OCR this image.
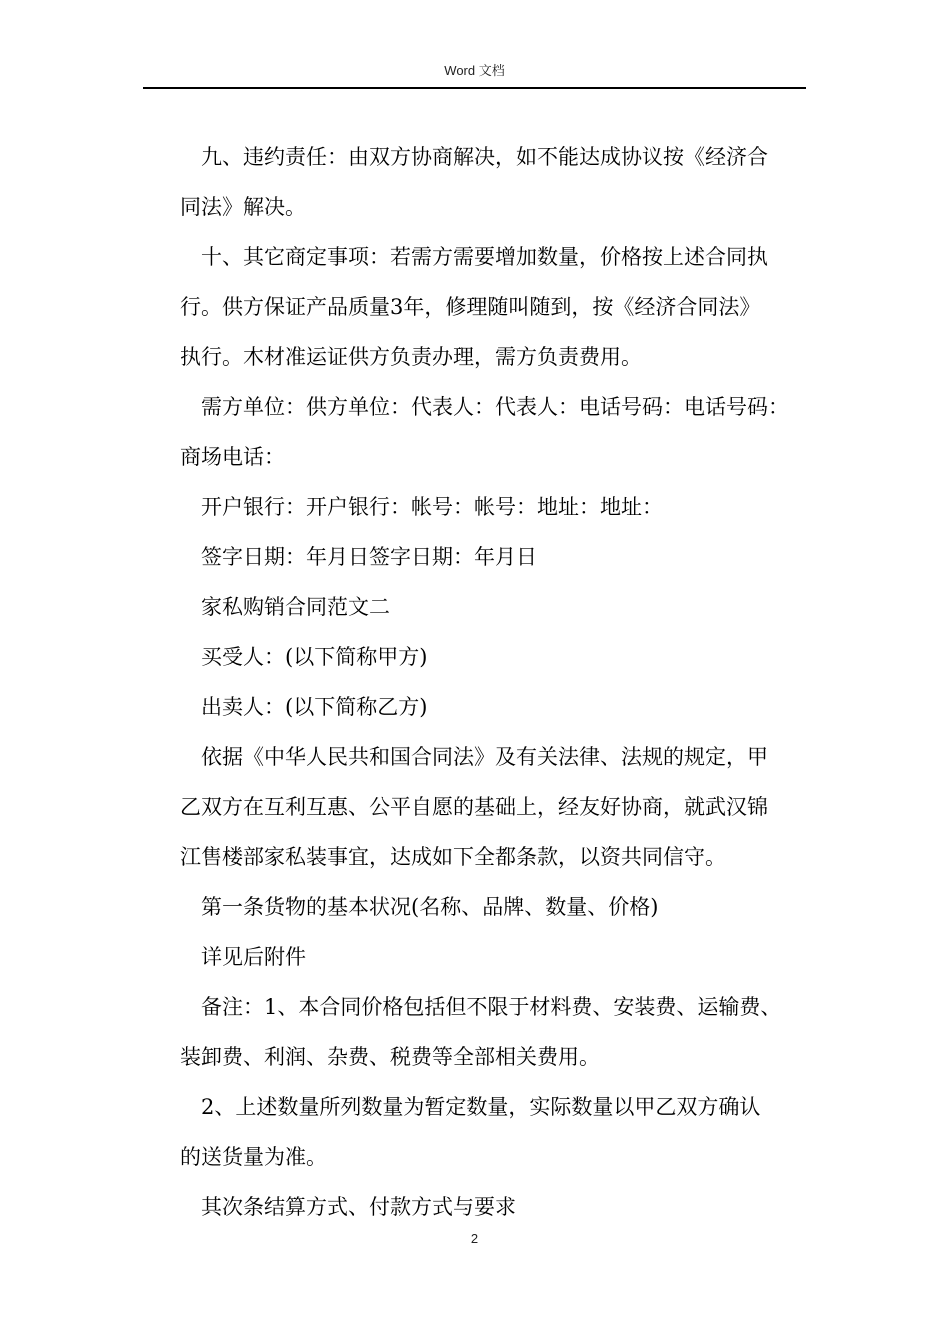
Word 文档

九、违约责任：由双方协商解决，如不能达成协议按《经济合

同法》解决。

十、其它商定事项：若需方需要增加数量，价格按上述合同执

行。供方保证产品质量3年，修理随叫随到，按《经济合同法》

执行。木材准运证供方负责办理，需方负责费用。

需方单位：供方单位：代表人：代表人：电话号码：电话号码：

商场电话：

开户银行：开户银行：帐号：帐号：地址：地址：

签字日期：年月日签字日期：年月日

家私购销合同范文二

买受人：(以下简称甲方)

出卖人：(以下简称乙方)

依据《中华人民共和国合同法》及有关法律、法规的规定，甲

乙双方在互利互惠、公平自愿的基础上，经友好协商，就武汉锦

江售楼部家私装事宜，达成如下全都条款，以资共同信守。

第一条货物的基本状况(名称、品牌、数量、价格)

详见后附件

备注：1、本合同价格包括但不限于材料费、安装费、运输费、

装卸费、利润、杂费、税费等全部相关费用。

2、上述数量所列数量为暂定数量，实际数量以甲乙双方确认

的送货量为准。

其次条结算方式、付款方式与要求

2
